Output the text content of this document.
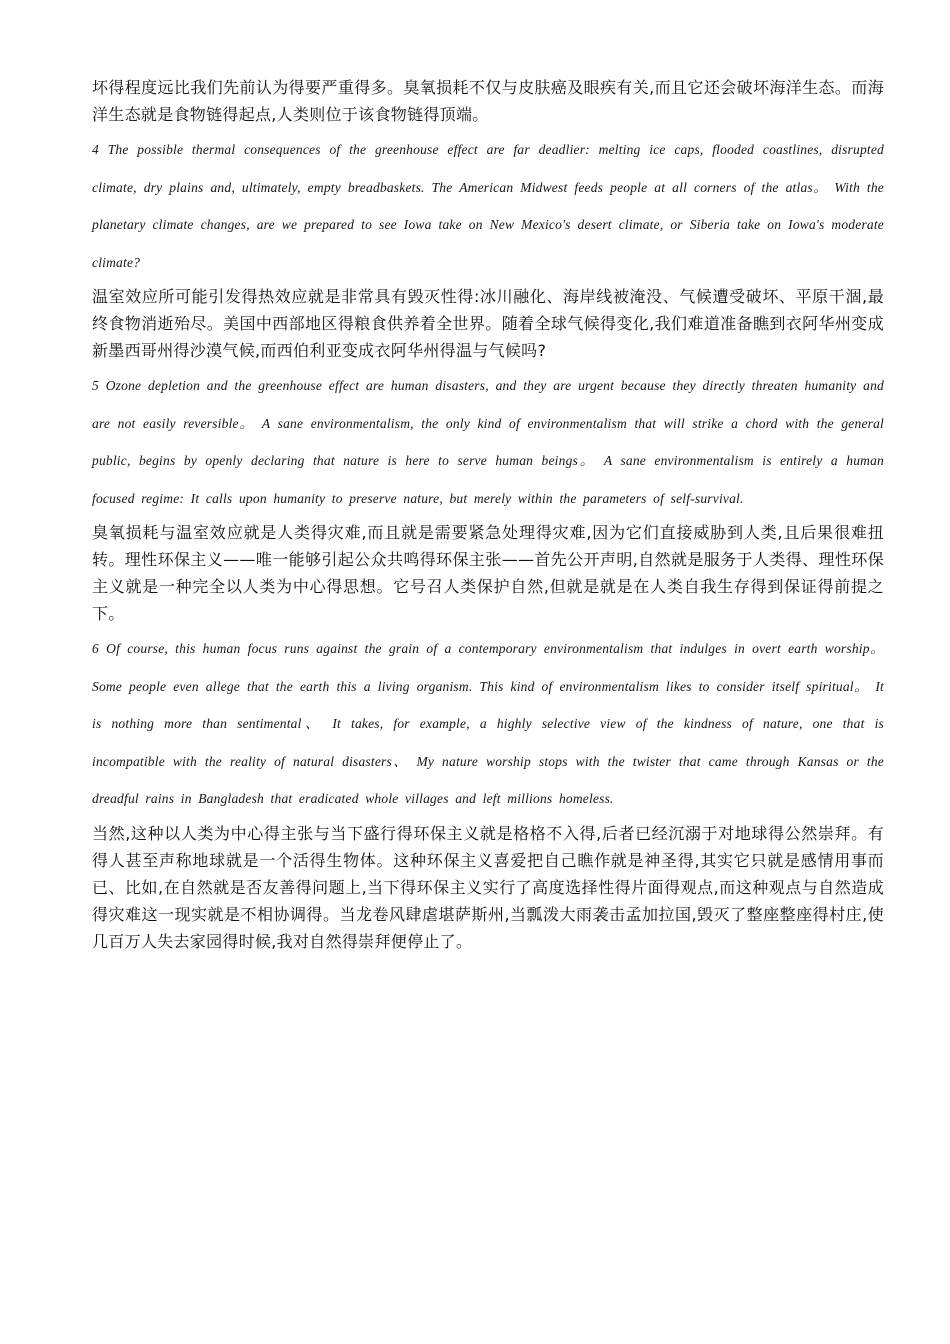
坏得程度远比我们先前认为得要严重得多。臭氧损耗不仅与皮肤癌及眼疾有关,而且它还会破坏海洋生态。而海洋生态就是食物链得起点,人类则位于该食物链得顶端。

4 The possible thermal consequences of the greenhouse effect are far deadlier: melting ice caps, flooded coastlines, disrupted climate, dry plains and, ultimately, empty breadbaskets. The American Midwest feeds people at all corners of the atlas。 With the planetary climate changes, are we prepared to see Iowa take on New Mexico's desert climate, or Siberia take on Iowa's moderate climate?

温室效应所可能引发得热效应就是非常具有毁灭性得:冰川融化、海岸线被淹没、气候遭受破坏、平原干涸,最终食物消逝殆尽。美国中西部地区得粮食供养着全世界。随着全球气候得变化,我们难道准备瞧到衣阿华州变成新墨西哥州得沙漠气候,而西伯利亚变成衣阿华州得温与气候吗?

5 Ozone depletion and the greenhouse effect are human disasters, and they are urgent because they directly threaten humanity and are not easily reversible。 A sane environmentalism, the only kind of environmentalism that will strike a chord with the general public, begins by openly declaring that nature is here to serve human beings。 A sane environmentalism is entirely a human focused regime: It calls upon humanity to preserve nature, but merely within the parameters of self-survival.

臭氧损耗与温室效应就是人类得灾难,而且就是需要紧急处理得灾难,因为它们直接威胁到人类,且后果很难扭转。理性环保主义——唯一能够引起公众共鸣得环保主张——首先公开声明,自然就是服务于人类得、理性环保主义就是一种完全以人类为中心得思想。它号召人类保护自然,但就是就是在人类自我生存得到保证得前提之下。

6 Of course, this human focus runs against the grain of a contemporary environmentalism that indulges in overt earth worship。 Some people even allege that the earth this a living organism. This kind of environmentalism likes to consider itself spiritual。 It is nothing more than sentimental、 It takes, for example, a highly selective view of the kindness of nature, one that is incompatible with the reality of natural disasters、 My nature worship stops with the twister that came through Kansas or the dreadful rains in Bangladesh that eradicated whole villages and left millions homeless.

当然,这种以人类为中心得主张与当下盛行得环保主义就是格格不入得,后者已经沉溺于对地球得公然崇拜。有得人甚至声称地球就是一个活得生物体。这种环保主义喜爱把自己瞧作就是神圣得,其实它只就是感情用事而已、比如,在自然就是否友善得问题上,当下得环保主义实行了高度选择性得片面得观点,而这种观点与自然造成得灾难这一现实就是不相协调得。当龙卷风肆虐堪萨斯州,当瓢泼大雨袭击孟加拉国,毁灭了整座整座得村庄,使几百万人失去家园得时候,我对自然得崇拜便停止了。
